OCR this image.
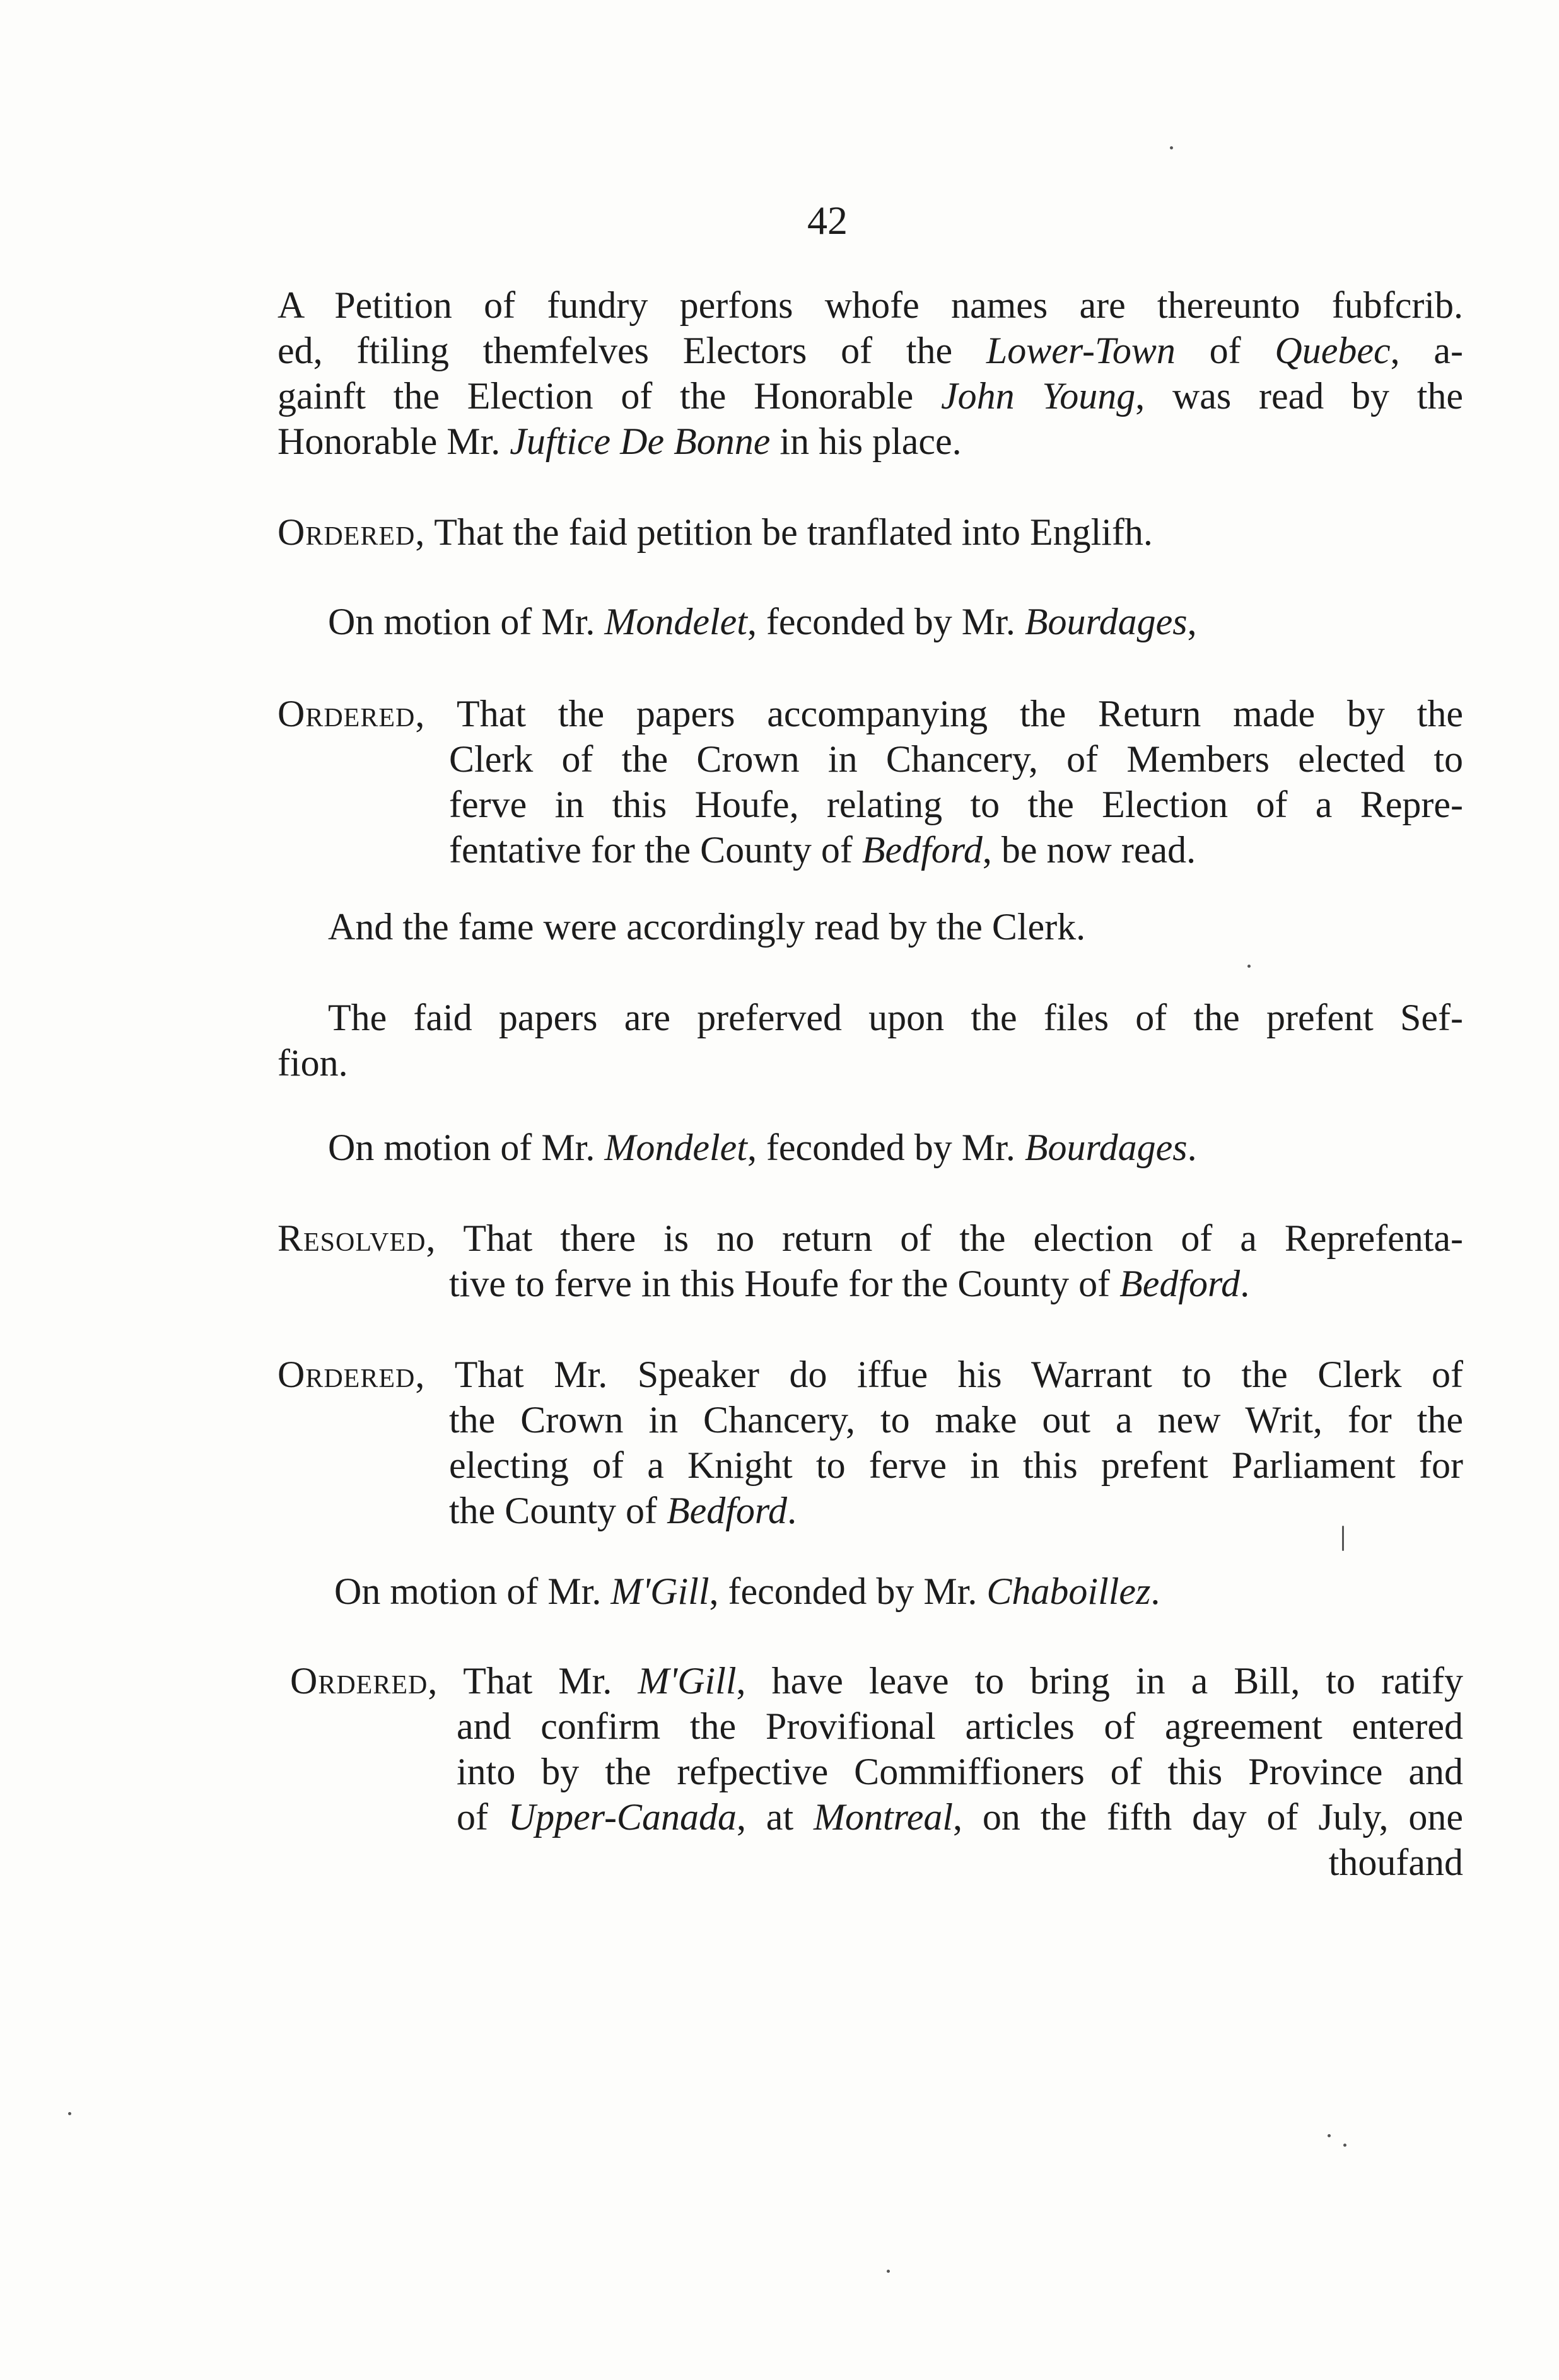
42
A Petition of fundry perfons whofe names are thereunto fubfcrib.
ed, ftiling themfelves Electors of the Lower-Town of Quebec, a-
gainft the Election of the Honorable John Young, was read by the
Honorable Mr. Juftice De Bonne in his place.
Ordered, That the faid petition be tranflated into Englifh.
On motion of Mr. Mondelet, feconded by Mr. Bourdages,
Ordered, That the papers accompanying the Return made by the
Clerk of the Crown in Chancery, of Members elected to
ferve in this Houfe, relating to the Election of a Repre-
fentative for the County of Bedford, be now read.
And the fame were accordingly read by the Clerk.
The faid papers are preferved upon the files of the prefent Sef-
fion.
On motion of Mr. Mondelet, feconded by Mr. Bourdages.
Resolved, That there is no return of the election of a Reprefenta-
tive to ferve in this Houfe for the County of Bedford.
Ordered, That Mr. Speaker do iffue his Warrant to the Clerk of
the Crown in Chancery, to make out a new Writ, for the
electing of a Knight to ferve in this prefent Parliament for
the County of Bedford.
On motion of Mr. M'Gill, feconded by Mr. Chaboillez.
Ordered, That Mr. M'Gill, have leave to bring in a Bill, to ratify
and confirm the Provifional articles of agreement entered
into by the refpective Commiffioners of this Province and
of Upper-Canada, at Montreal, on the fifth day of July, one
thoufand
